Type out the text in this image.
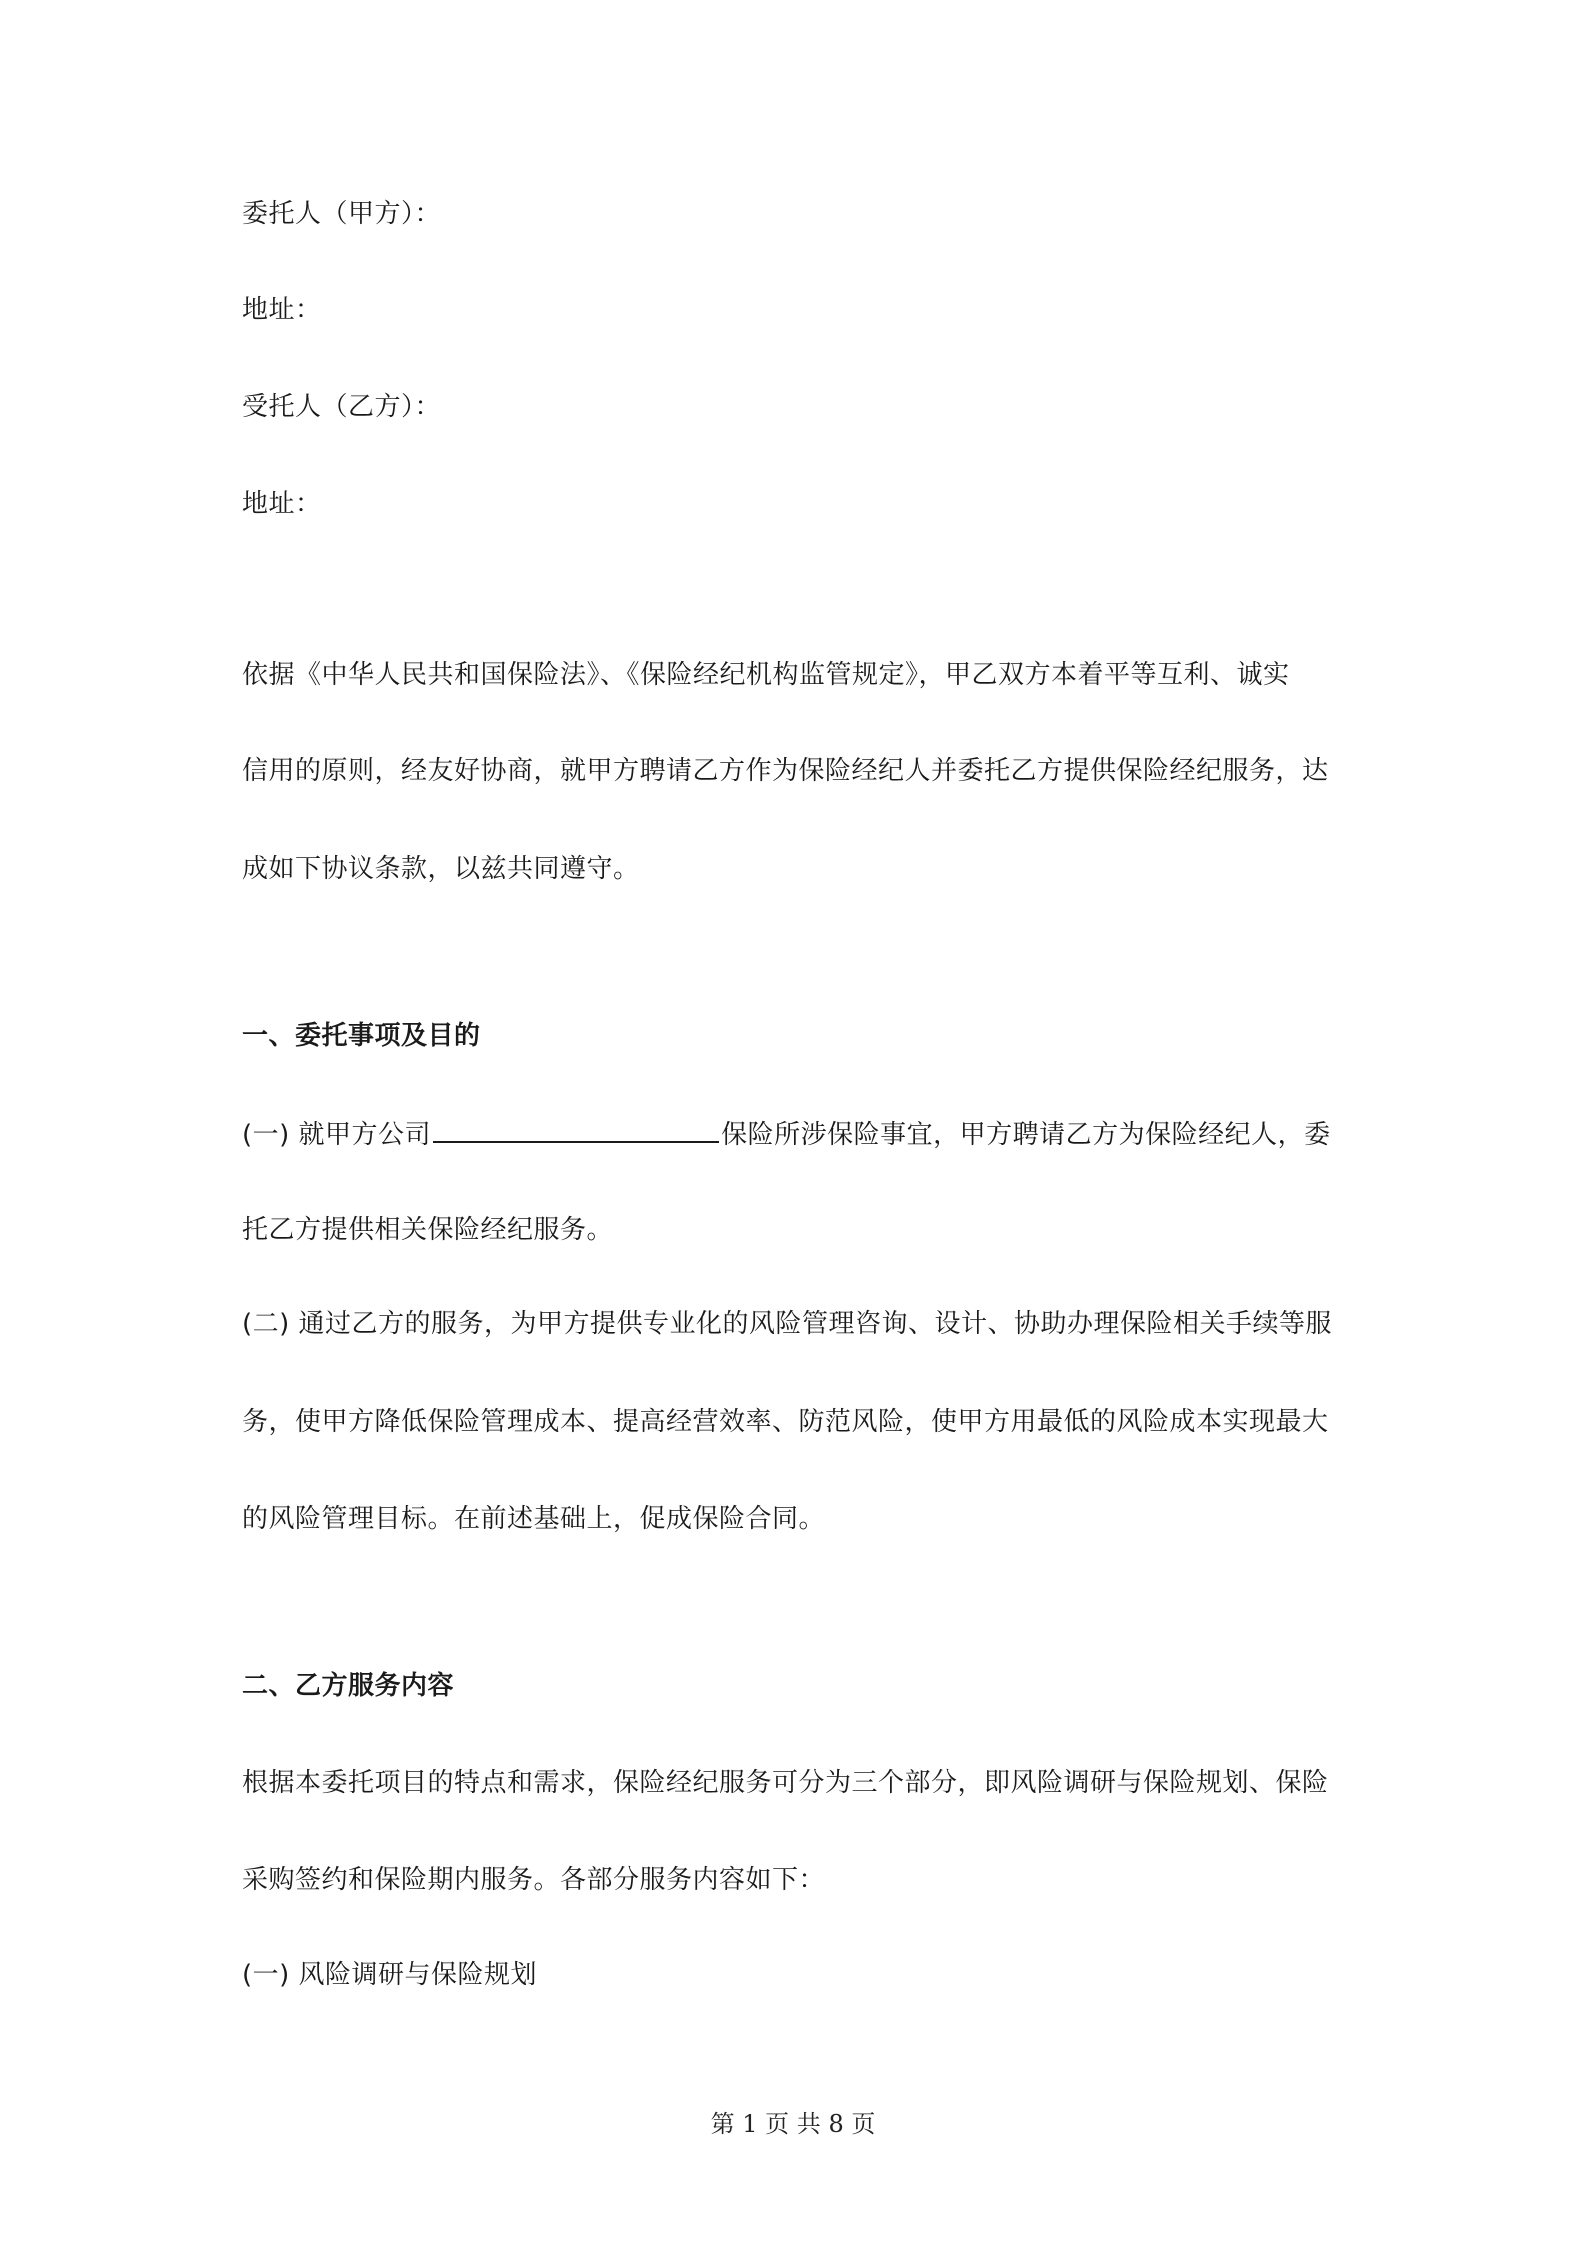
委托人（甲方）：
地址：
受托人（乙方）：
地址：
依据《中华人民共和国保险法》、《保险经纪机构监管规定》，甲乙双方本着平等互利、诚实
信用的原则，经友好协商，就甲方聘请乙方作为保险经纪人并委托乙方提供保险经纪服务，达
成如下协议条款，以兹共同遵守。
一、委托事项及目的
(一) 就甲方公司	保险所涉保险事宜，甲方聘请乙方为保险经纪人，委
托乙方提供相关保险经纪服务。
(二) 通过乙方的服务，为甲方提供专业化的风险管理咨询、设计、协助办理保险相关手续等服
务，使甲方降低保险管理成本、提高经营效率、防范风险，使甲方用最低的风险成本实现最大
的风险管理目标。在前述基础上，促成保险合同。
二、乙方服务内容
根据本委托项目的特点和需求，保险经纪服务可分为三个部分，即风险调研与保险规划、保险
采购签约和保险期内服务。各部分服务内容如下：
(一) 风险调研与保险规划
第 1 页 共 8 页
